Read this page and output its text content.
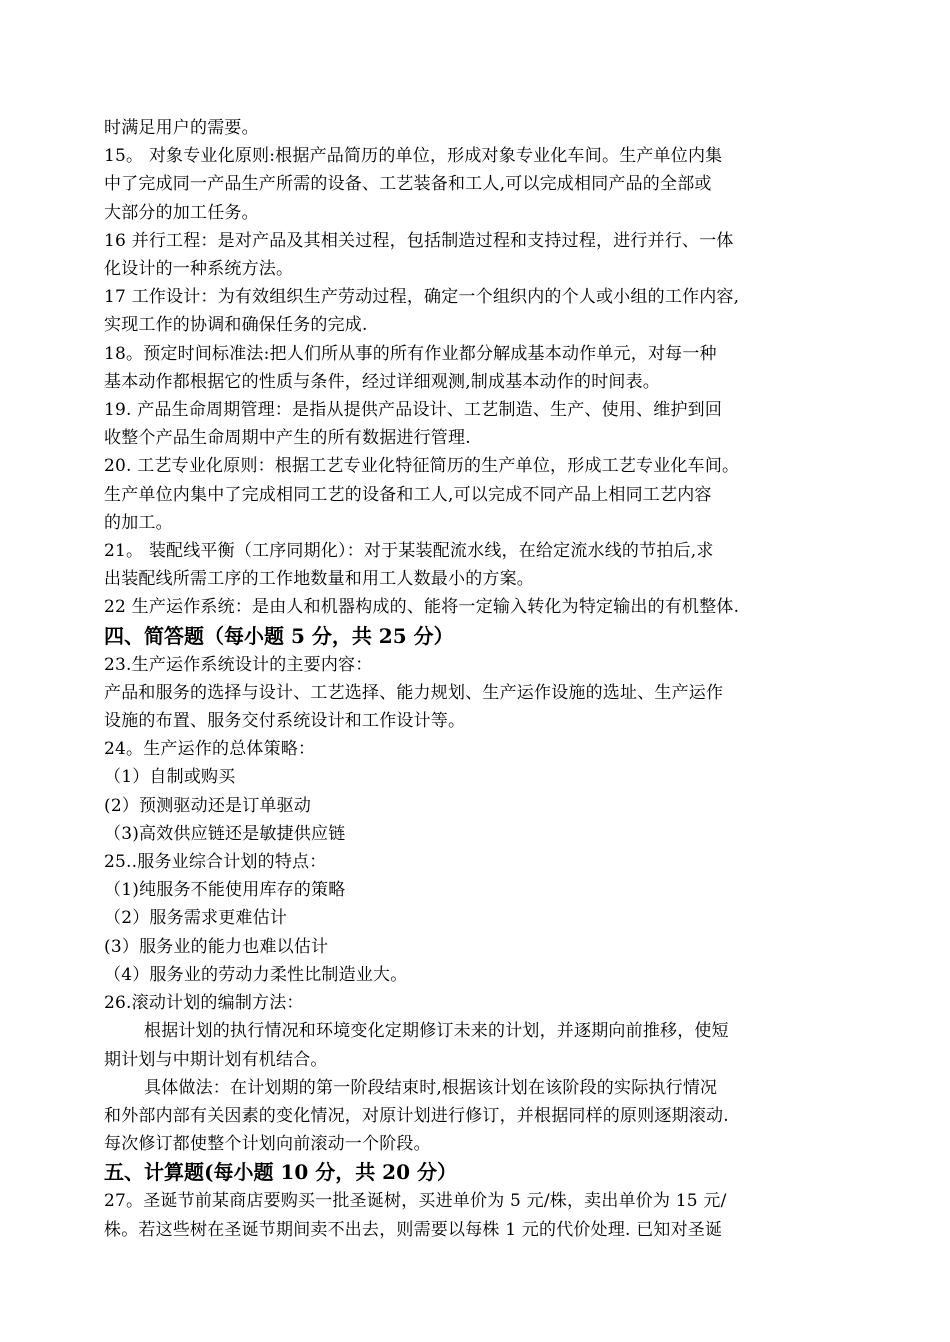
时满足用户的需要。
15。 对象专业化原则:根据产品简历的单位，形成对象专业化车间。生产单位内集
中了完成同一产品生产所需的设备、工艺装备和工人,可以完成相同产品的全部或
大部分的加工任务。
16 并行工程：是对产品及其相关过程，包括制造过程和支持过程，进行并行、一体
化设计的一种系统方法。
17 工作设计：为有效组织生产劳动过程，确定一个组织内的个人或小组的工作内容,
实现工作的协调和确保任务的完成.
18。预定时间标准法:把人们所从事的所有作业都分解成基本动作单元，对每一种
基本动作都根据它的性质与条件，经过详细观测,制成基本动作的时间表。
19. 产品生命周期管理：是指从提供产品设计、工艺制造、生产、使用、维护到回
收整个产品生命周期中产生的所有数据进行管理.
20. 工艺专业化原则：根据工艺专业化特征简历的生产单位，形成工艺专业化车间。
生产单位内集中了完成相同工艺的设备和工人,可以完成不同产品上相同工艺内容
的加工。
21。 装配线平衡（工序同期化）：对于某装配流水线，在给定流水线的节拍后,求
出装配线所需工序的工作地数量和用工人数最小的方案。
22 生产运作系统：是由人和机器构成的、能将一定输入转化为特定输出的有机整体.
四、简答题（每小题 5 分，共 25 分）
23.生产运作系统设计的主要内容：
产品和服务的选择与设计、工艺选择、能力规划、生产运作设施的选址、生产运作
设施的布置、服务交付系统设计和工作设计等。
24。生产运作的总体策略：
（1）自制或购买
(2）预测驱动还是订单驱动
（3)高效供应链还是敏捷供应链
25..服务业综合计划的特点：
（1)纯服务不能使用库存的策略
（2）服务需求更难估计
(3）服务业的能力也难以估计
（4）服务业的劳动力柔性比制造业大。
26.滚动计划的编制方法：
根据计划的执行情况和环境变化定期修订未来的计划，并逐期向前推移，使短
期计划与中期计划有机结合。
具体做法：在计划期的第一阶段结束时,根据该计划在该阶段的实际执行情况
和外部内部有关因素的变化情况，对原计划进行修订，并根据同样的原则逐期滚动.
每次修订都使整个计划向前滚动一个阶段。
五、计算题(每小题 10 分，共 20 分）
27。圣诞节前某商店要购买一批圣诞树，买进单价为 5 元/株，卖出单价为 15 元/
株。若这些树在圣诞节期间卖不出去，则需要以每株 1 元的代价处理. 已知对圣诞
